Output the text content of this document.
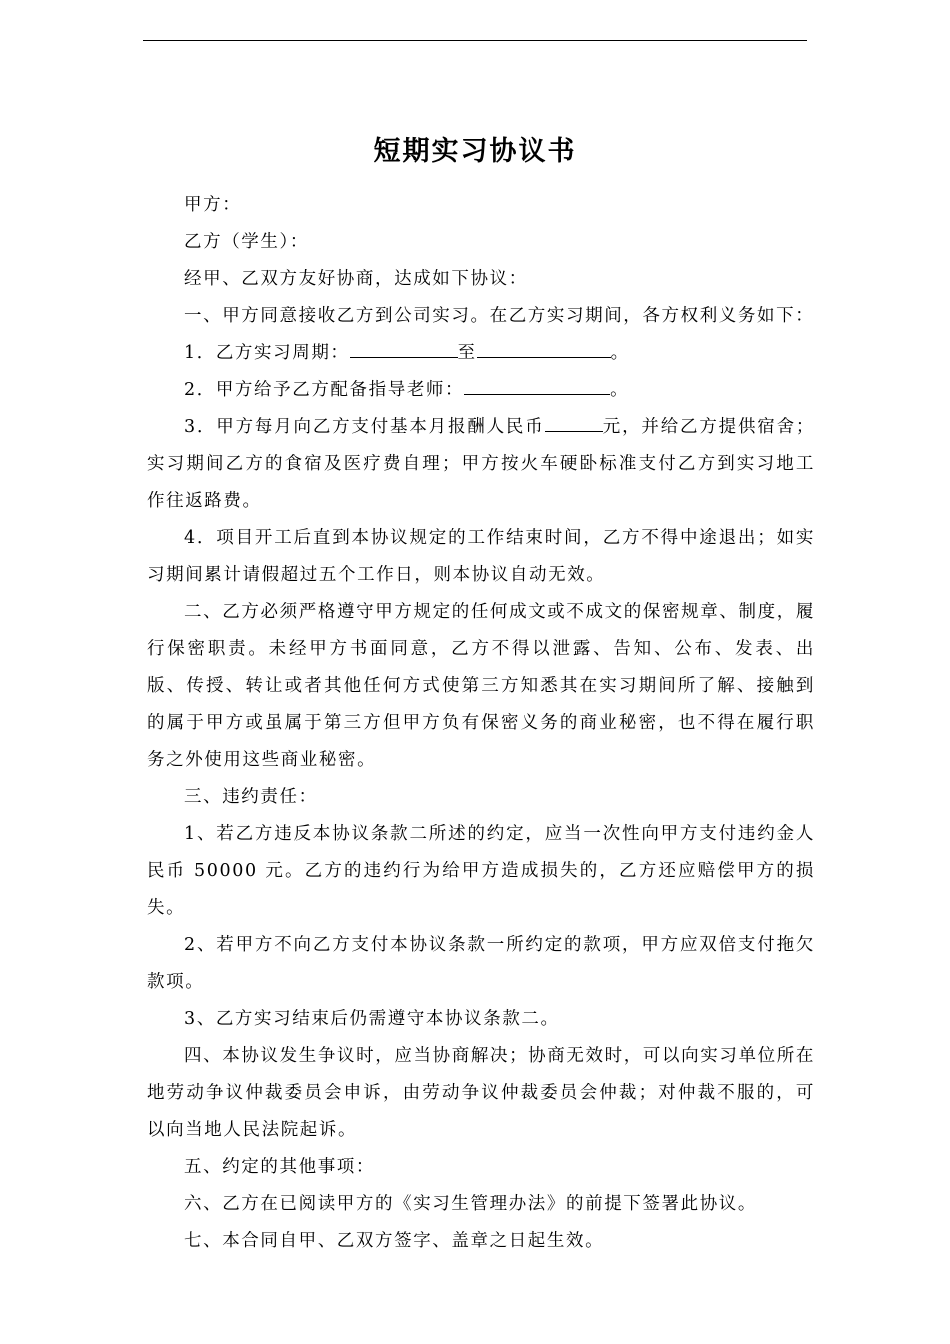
短期实习协议书

甲方：

乙方（学生）：

经甲、乙双方友好协商，达成如下协议：

一、甲方同意接收乙方到公司实习。在乙方实习期间，各方权利义务如下：

1．乙方实习周期：	至	。

2．甲方给予乙方配备指导老师：	。

3．甲方每月向乙方支付基本月报酬人民币	元，并给乙方提供宿舍；实习期间乙方的食宿及医疗费自理；甲方按火车硬卧标准支付乙方到实习地工作往返路费。

4．项目开工后直到本协议规定的工作结束时间，乙方不得中途退出；如实习期间累计请假超过五个工作日，则本协议自动无效。

二、乙方必须严格遵守甲方规定的任何成文或不成文的保密规章、制度，履行保密职责。未经甲方书面同意，乙方不得以泄露、告知、公布、发表、出版、传授、转让或者其他任何方式使第三方知悉其在实习期间所了解、接触到的属于甲方或虽属于第三方但甲方负有保密义务的商业秘密，也不得在履行职务之外使用这些商业秘密。

三、违约责任：

1、若乙方违反本协议条款二所述的约定，应当一次性向甲方支付违约金人民币 50000 元。乙方的违约行为给甲方造成损失的，乙方还应赔偿甲方的损失。

2、若甲方不向乙方支付本协议条款一所约定的款项，甲方应双倍支付拖欠款项。

3、乙方实习结束后仍需遵守本协议条款二。

四、本协议发生争议时，应当协商解决；协商无效时，可以向实习单位所在地劳动争议仲裁委员会申诉，由劳动争议仲裁委员会仲裁；对仲裁不服的，可以向当地人民法院起诉。

五、约定的其他事项：

六、乙方在已阅读甲方的《实习生管理办法》的前提下签署此协议。

七、本合同自甲、乙双方签字、盖章之日起生效。
